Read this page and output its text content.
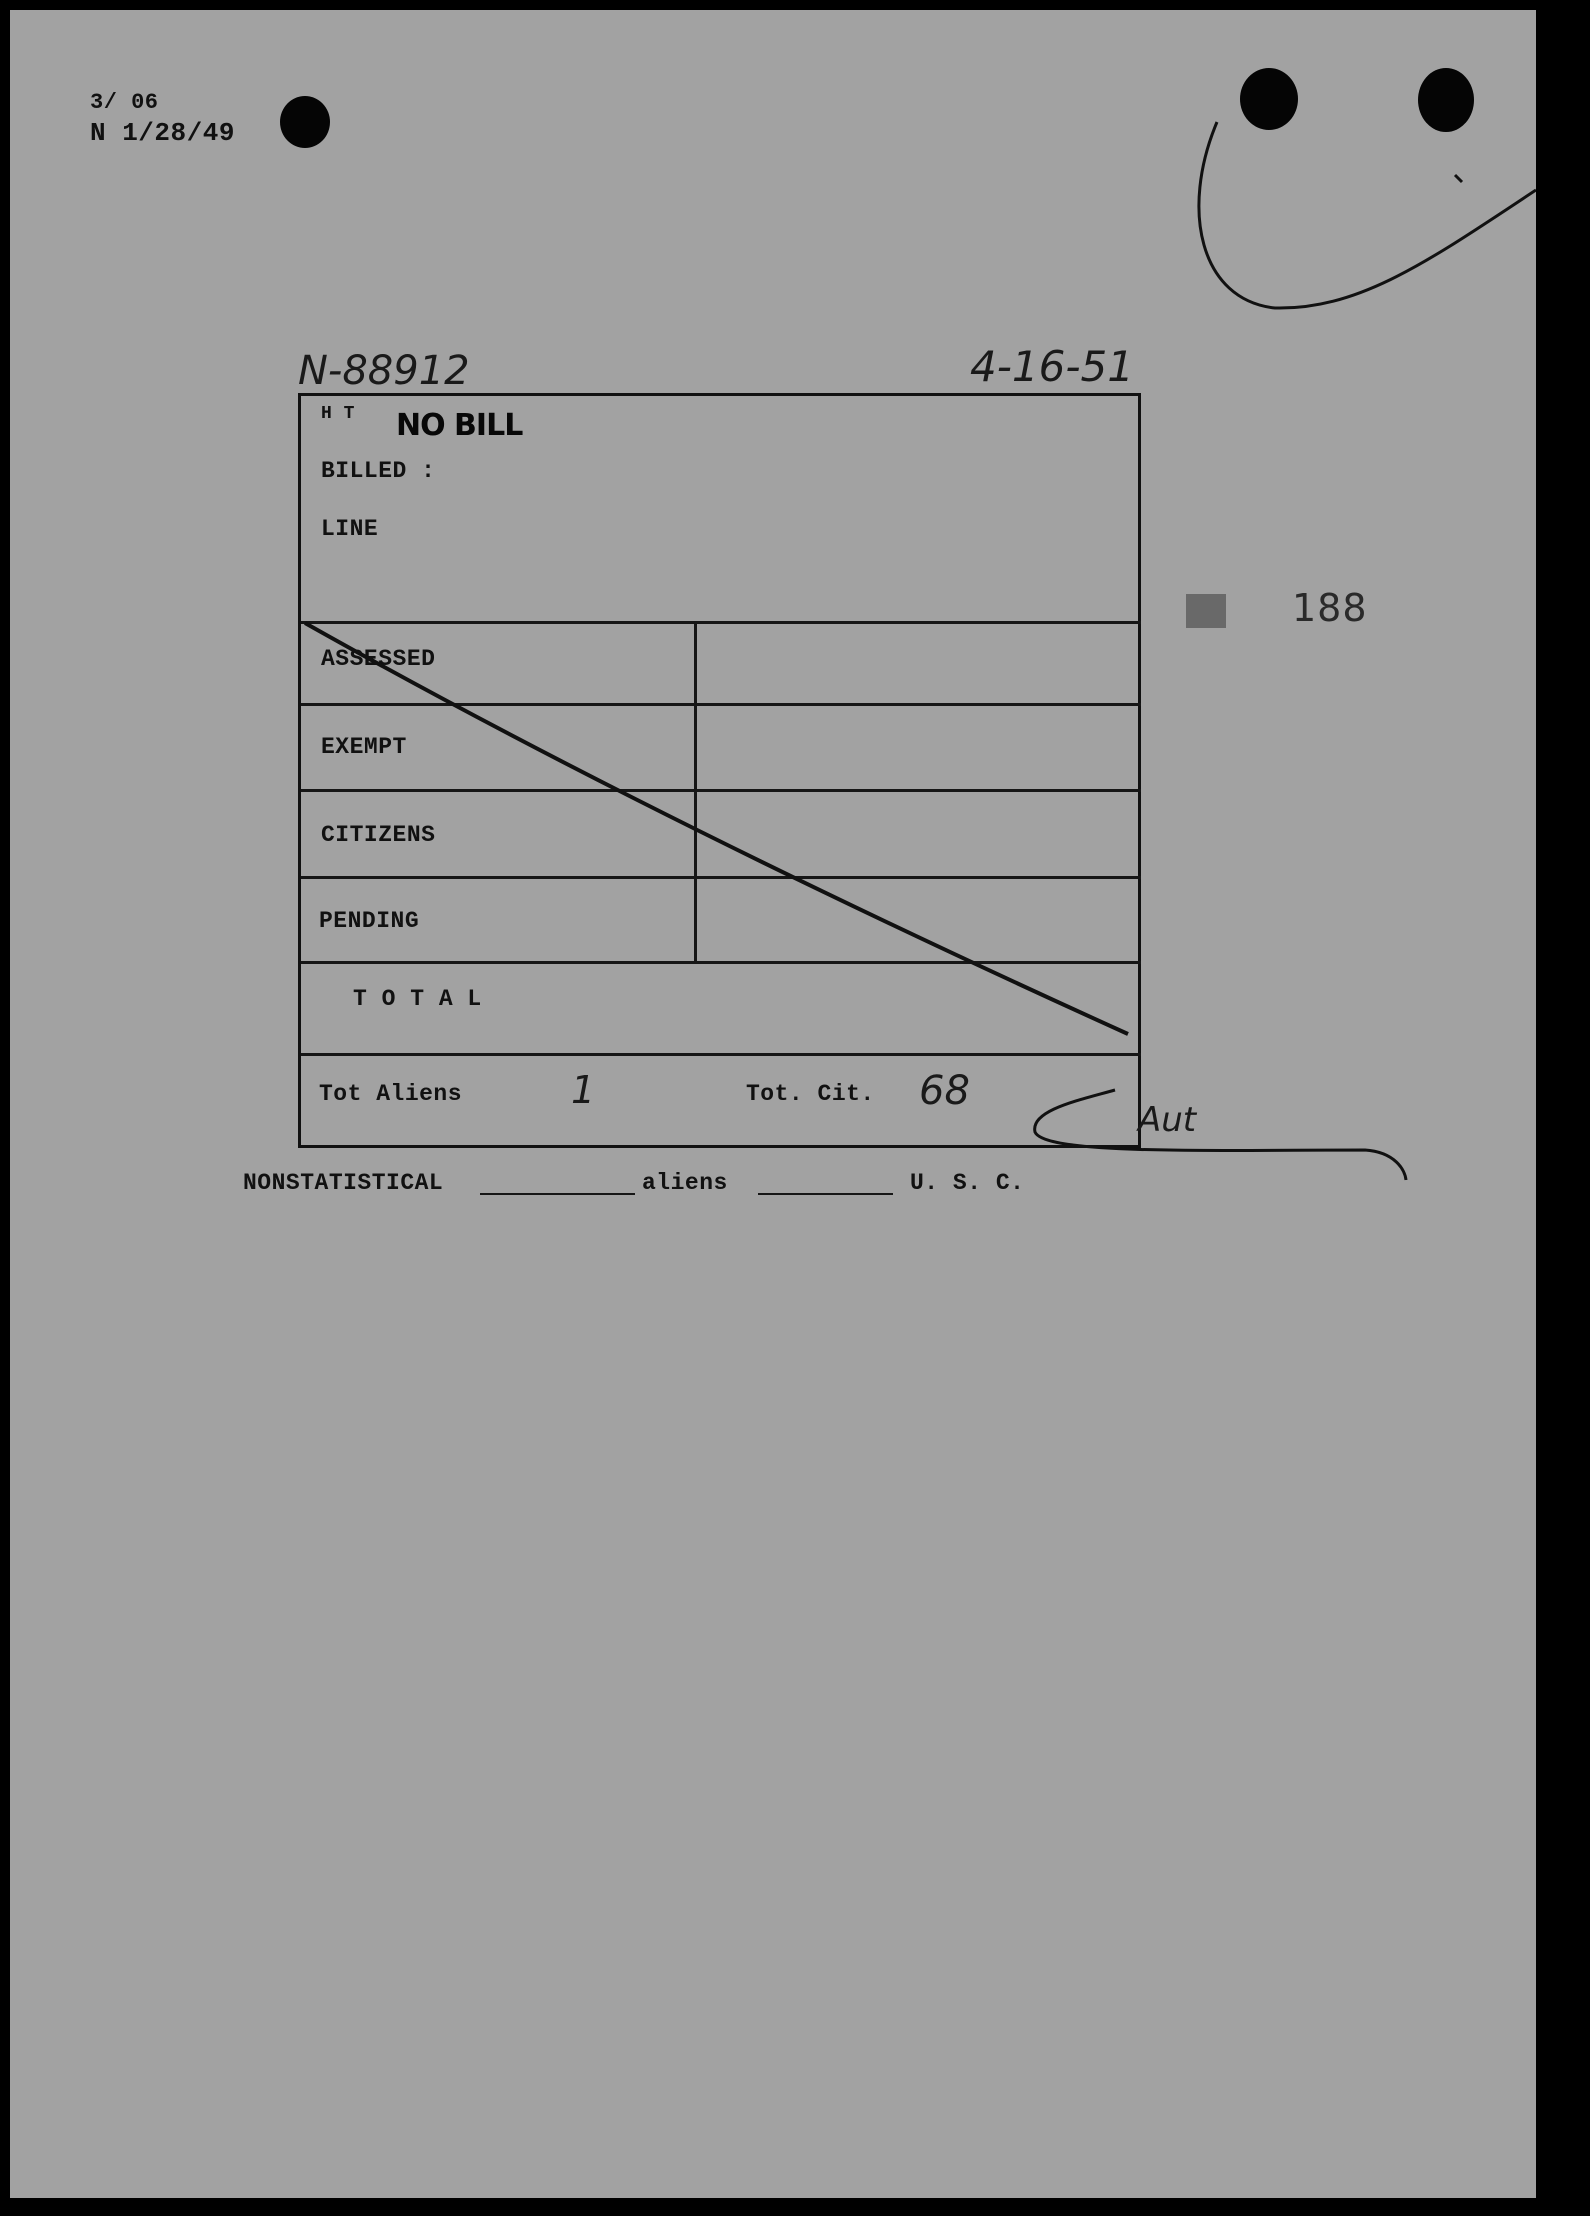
3/ 06
N 1/28/49
N-88912	4-16-51
188
H T NO BILL
BILLED :
LINE
ASSESSED
EXEMPT
CITIZENS
PENDING
T O T A L
Tot Aliens	1	Tot. Cit. 68
NONSTATISTICAL	aliens	U. S. C.
Aut
